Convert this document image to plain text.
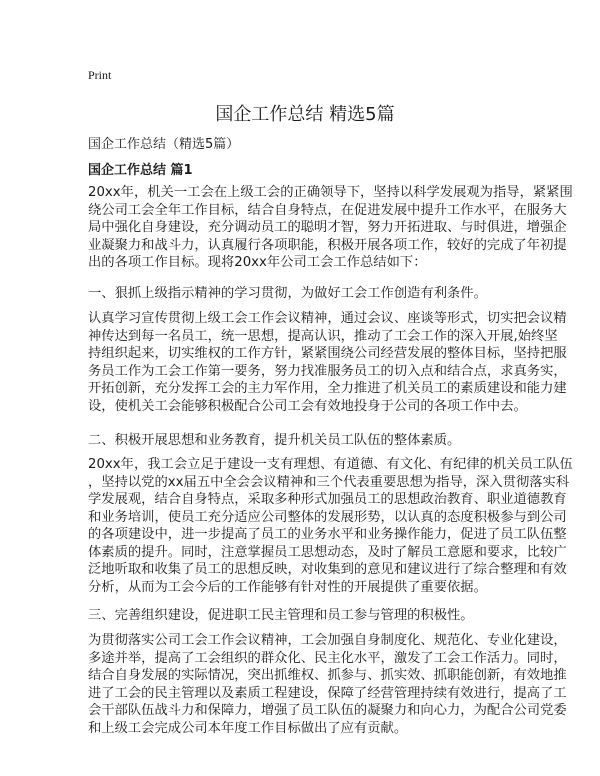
Print
国企工作总结 精选5篇
国企工作总结（精选5篇）
国企工作总结 篇1
20xx年，机关一工会在上级工会的正确领导下，坚持以科学发展观为指导，紧紧围
绕公司工会全年工作目标，结合自身特点，在促进发展中提升工作水平，在服务大
局中强化自身建设，充分调动员工的聪明才智，努力开拓进取、与时俱进，增强企
业凝聚力和战斗力，认真履行各项职能，积极开展各项工作，较好的完成了年初提
出的各项工作目标。现将20xx年公司工会工作总结如下：
一、狠抓上级指示精神的学习贯彻，为做好工会工作创造有利条件。
认真学习宣传贯彻上级工会工作会议精神，通过会议、座谈等形式，切实把会议精
神传达到每一名员工，统一思想，提高认识，推动了工会工作的深入开展,始终坚
持组织起来，切实维权的工作方针，紧紧围绕公司经营发展的整体目标，坚持把服
务员工作为工会工作第一要务，努力找准服务员工的切入点和结合点，求真务实，
开拓创新，充分发挥工会的主力军作用，全力推进了机关员工的素质建设和能力建
设，使机关工会能够积极配合公司工会有效地投身于公司的各项工作中去。
二、积极开展思想和业务教育，提升机关员工队伍的整体素质。
20xx年，我工会立足于建设一支有理想、有道德、有文化、有纪律的机关员工队伍
，坚持以党的xx届五中全会会议精神和三个代表重要思想为指导，深入贯彻落实科
学发展观，结合自身特点，采取多种形式加强员工的思想政治教育、职业道德教育
和业务培训，使员工充分适应公司整体的发展形势，以认真的态度积极参与到公司
的各项建设中，进一步提高了员工的业务水平和业务操作能力，促进了员工队伍整
体素质的提升。同时，注意掌握员工思想动态，及时了解员工意愿和要求，比较广
泛地听取和收集了员工的思想反映，对收集到的意见和建议进行了综合整理和有效
分析，从而为工会今后的工作能够有针对性的开展提供了重要依据。
三、完善组织建设，促进职工民主管理和员工参与管理的积极性。
为贯彻落实公司工会工作会议精神，工会加强自身制度化、规范化、专业化建设，
多途并举，提高了工会组织的群众化、民主化水平，激发了工会工作活力。同时，
结合自身发展的实际情况，突出抓维权、抓参与、抓实效、抓职能创新，有效地推
进了工会的民主管理以及素质工程建设，保障了经营管理持续有效进行，提高了工
会干部队伍战斗力和保障力，增强了员工队伍的凝聚力和向心力，为配合公司党委
和上级工会完成公司本年度工作目标做出了应有贡献。
